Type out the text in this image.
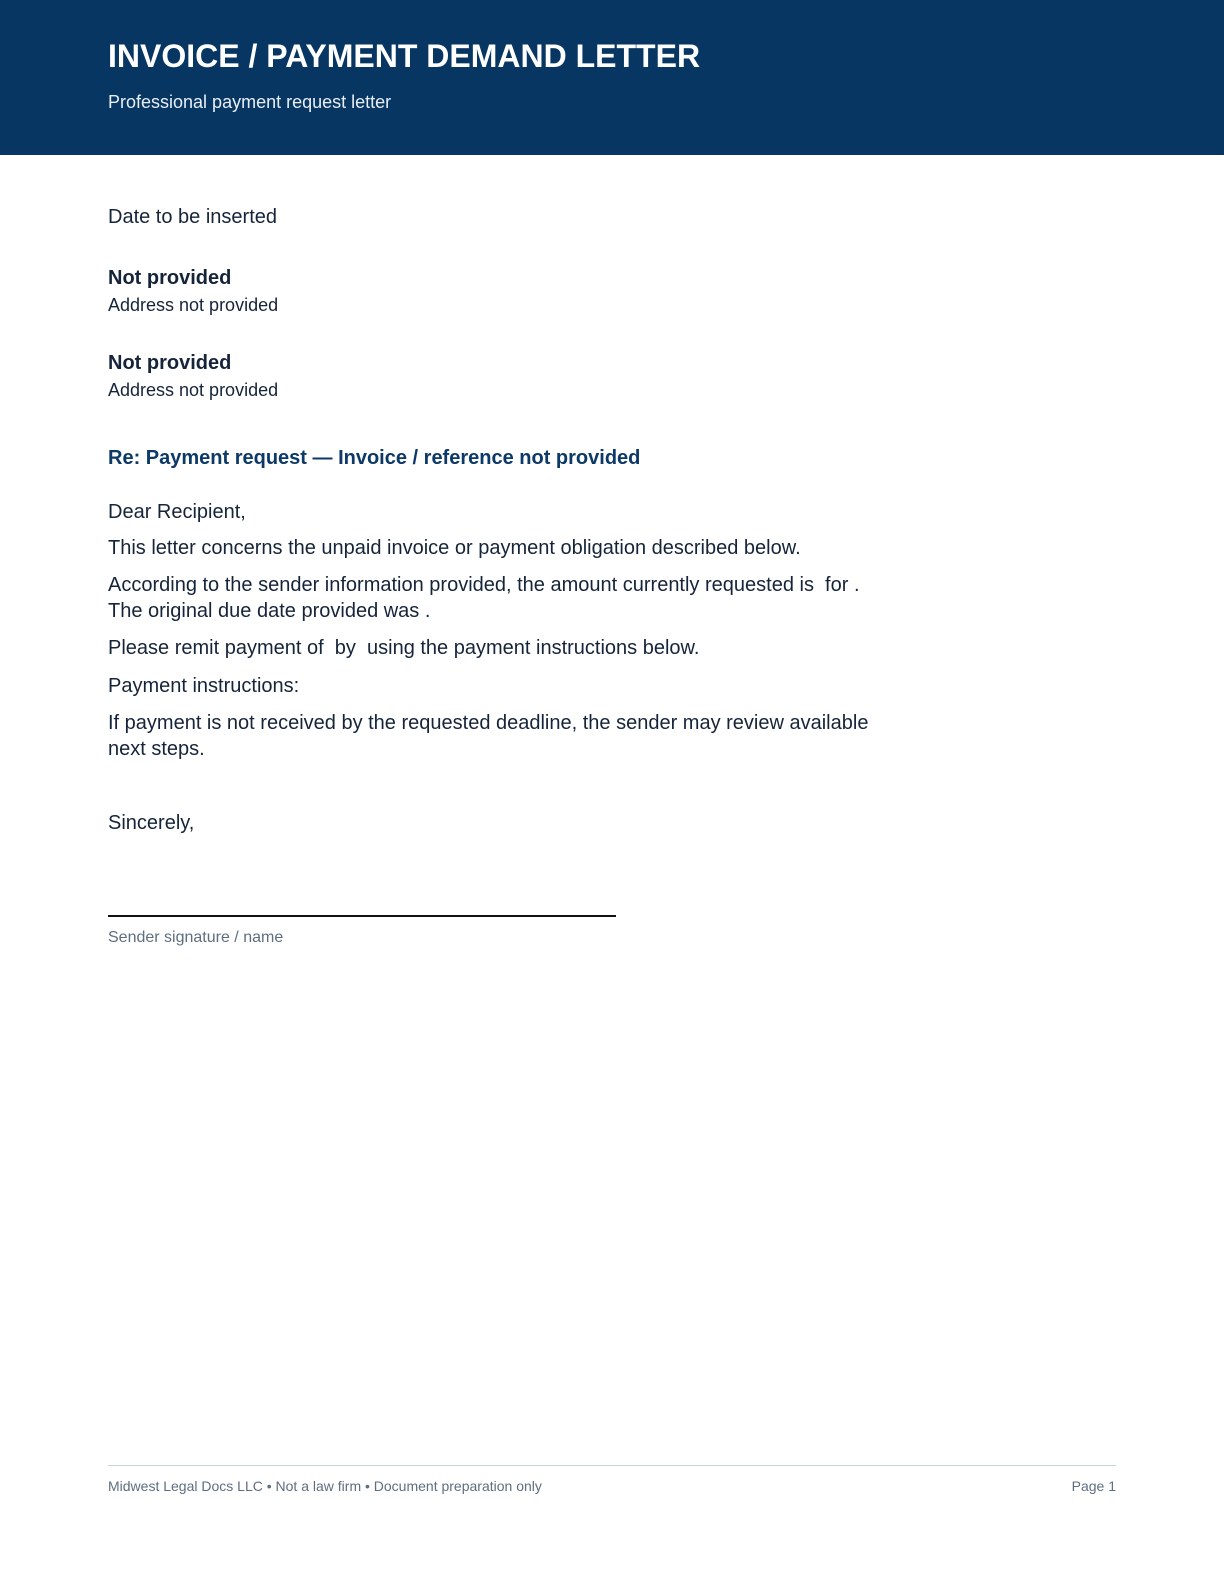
INVOICE / PAYMENT DEMAND LETTER
Professional payment request letter
Date to be inserted
Not provided
Address not provided
Not provided
Address not provided
Re: Payment request — Invoice / reference not provided
Dear Recipient,
This letter concerns the unpaid invoice or payment obligation described below.
According to the sender information provided, the amount currently requested is  for .
The original due date provided was .
Please remit payment of  by  using the payment instructions below.
Payment instructions:
If payment is not received by the requested deadline, the sender may review available
next steps.
Sincerely,
Sender signature / name
Midwest Legal Docs LLC • Not a law firm • Document preparation only	Page 1
